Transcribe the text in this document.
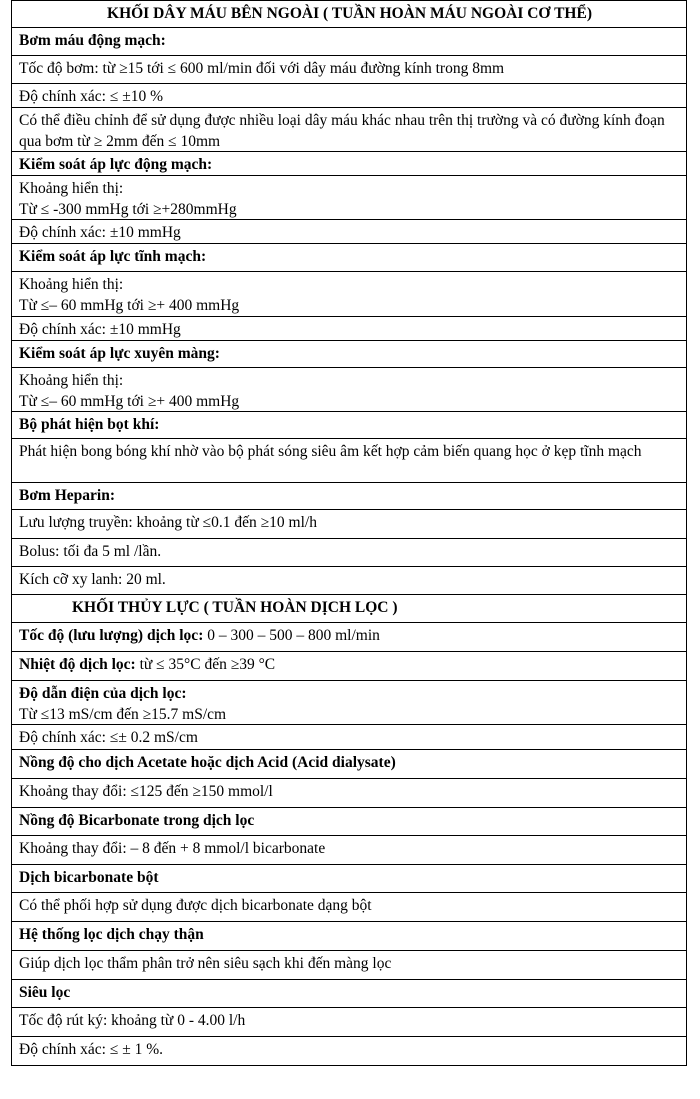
KHỐI DÂY MÁU BÊN NGOÀI ( TUẦN HOÀN MÁU NGOÀI CƠ THỂ)
Bơm máu động mạch:
Tốc độ bơm: từ ≥15 tới ≤ 600 ml/min đối với dây máu đường kính trong 8mm
Độ chính xác: ≤ ±10 %
Có thể điều chỉnh để sử dụng được nhiều loại dây máu khác nhau trên thị trường và có đường kính đoạn qua bơm từ ≥ 2mm đến ≤ 10mm
Kiểm soát áp lực động mạch:
Khoảng hiển thị:
Từ ≤ -300 mmHg tới ≥+280mmHg
Độ chính xác: ±10 mmHg
Kiểm soát áp lực tĩnh mạch:
Khoảng hiển thị:
Từ ≤– 60 mmHg tới ≥+ 400 mmHg
Độ chính xác: ±10 mmHg
Kiểm soát áp lực xuyên màng:
Khoảng hiển thị:
Từ ≤– 60 mmHg tới ≥+ 400 mmHg
Bộ phát hiện bọt khí:
Phát hiện bong bóng khí nhờ vào bộ phát sóng siêu âm kết hợp cảm biến quang học ở kẹp tĩnh mạch
Bơm Heparin:
Lưu lượng truyền: khoảng từ ≤0.1 đến ≥10 ml/h
Bolus: tối đa 5 ml /lần.
Kích cỡ xy lanh: 20 ml.
KHỐI THỦY LỰC ( TUẦN HOÀN DỊCH LỌC )
Tốc độ (lưu lượng) dịch lọc: 0 – 300 – 500 – 800 ml/min
Nhiệt độ dịch lọc: từ ≤ 35°C đến ≥39 °C
Độ dẫn điện của dịch lọc:
Từ ≤13 mS/cm đến ≥15.7 mS/cm
Độ chính xác: ≤± 0.2 mS/cm
Nồng độ cho dịch Acetate hoặc dịch Acid (Acid dialysate)
Khoảng thay đổi: ≤125 đến ≥150 mmol/l
Nồng độ Bicarbonate trong dịch lọc
Khoảng thay đổi: – 8 đến + 8 mmol/l bicarbonate
Dịch bicarbonate bột
Có thể phối hợp sử dụng được dịch bicarbonate dạng bột
Hệ thống lọc dịch chạy thận
Giúp dịch lọc thẩm phân trở nên siêu sạch khi đến màng lọc
Siêu lọc
Tốc độ rút ký: khoảng từ 0 - 4.00 l/h
Độ chính xác: ≤ ± 1 %.
